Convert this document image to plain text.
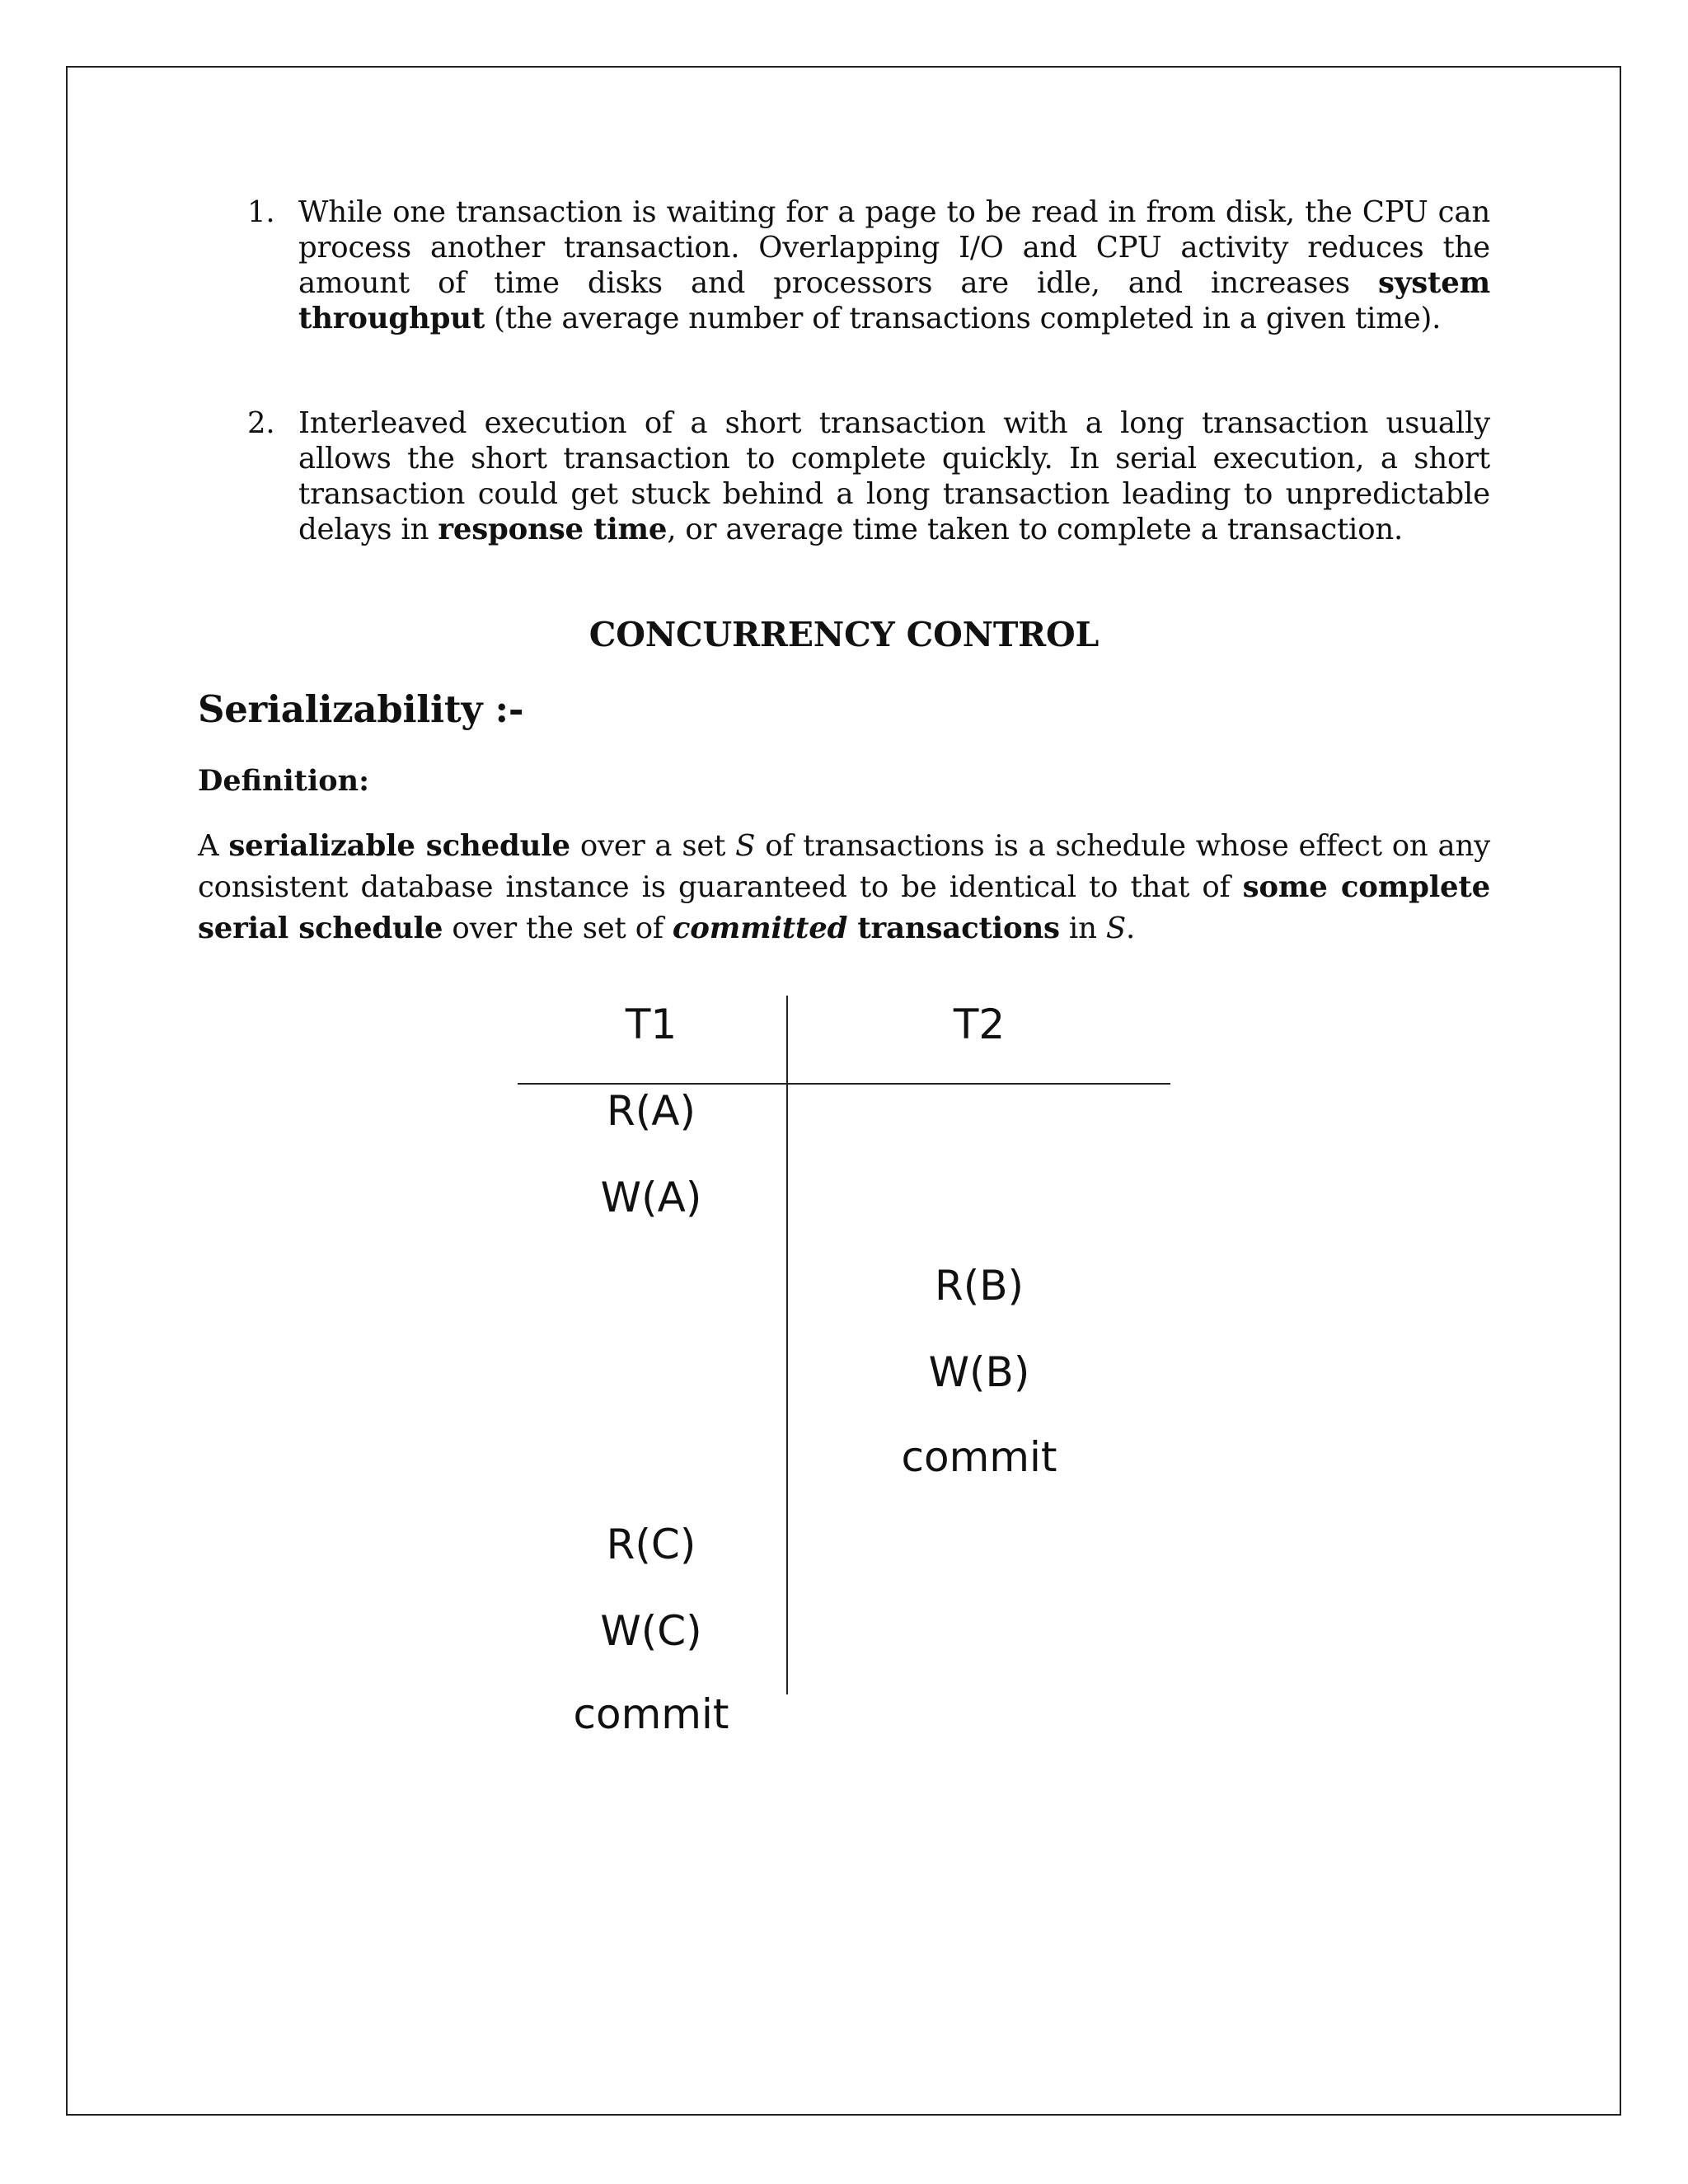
1. While one transaction is waiting for a page to be read in from disk, the CPU can process another transaction. Overlapping I/O and CPU activity reduces the amount of time disks and processors are idle, and increases system throughput (the average number of transactions completed in a given time).

2. Interleaved execution of a short transaction with a long transaction usually allows the short transaction to complete quickly. In serial execution, a short transaction could get stuck behind a long transaction leading to unpredictable delays in response time, or average time taken to complete a transaction.

CONCURRENCY CONTROL
Serializability :-
Definition:

A serializable schedule over a set S of transactions is a schedule whose effect on any consistent database instance is guaranteed to be identical to that of some complete serial schedule over the set of committed transactions in S.

T1	T2
R(A)
W(A)
R(B)
W(B)
commit
R(C)
W(C)
commit
